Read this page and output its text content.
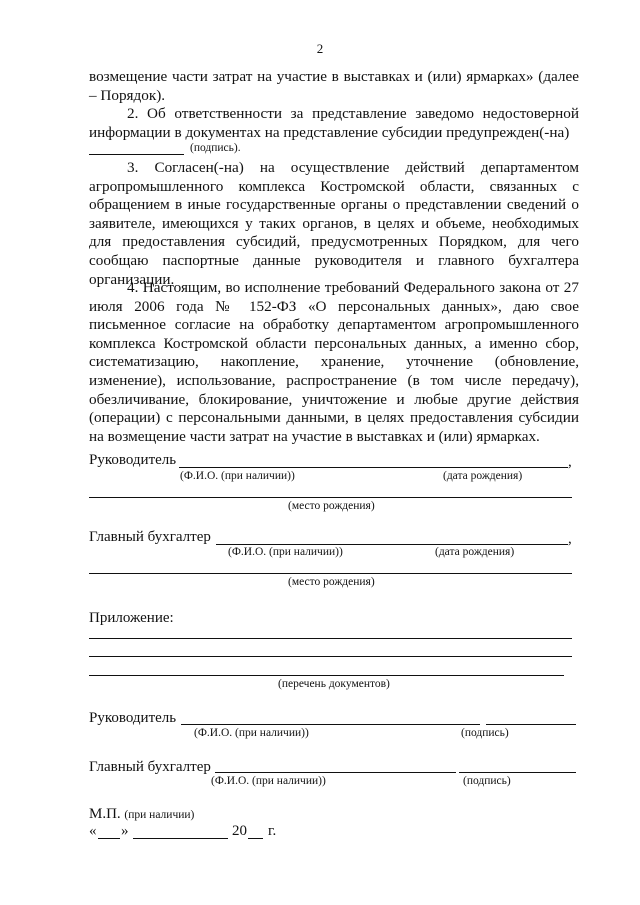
2

возмещение части затрат на участие в выставках и (или) ярмарках» (далее – Порядок).

2. Об ответственности за представление заведомо недостоверной информации в документах на представление субсидии предупрежден(-на)

(подпись).

3. Согласен(-на) на осуществление действий департаментом агропромышленного комплекса Костромской области, связанных с обращением в иные государственные органы о представлении сведений о заявителе, имеющихся у таких органов, в целях и объеме, необходимых для предоставления субсидий, предусмотренных Порядком, для чего сообщаю паспортные данные руководителя и главного бухгалтера организации.

4. Настоящим, во исполнение требований Федерального закона от 27 июля 2006 года № 152-ФЗ «О персональных данных», даю свое письменное согласие на обработку департаментом агропромышленного комплекса Костромской области персональных данных, а именно сбор, систематизацию, накопление, хранение, уточнение (обновление, изменение), использование, распространение (в том числе передачу), обезличивание, блокирование, уничтожение и любые другие действия (операции) с персональными данными, в целях предоставления субсидии на возмещение части затрат на участие в выставках и (или) ярмарках.

Руководитель	,
(Ф.И.О. (при наличии))	(дата рождения)
(место рождения)
Главный бухгалтер	,
(Ф.И.О. (при наличии))	(дата рождения)
(место рождения)
Приложение:
(перечень документов)
Руководитель
(Ф.И.О. (при наличии))	(подпись)
Главный бухгалтер
(Ф.И.О. (при наличии))	(подпись)
М.П. (при наличии)
« »	20 г.
